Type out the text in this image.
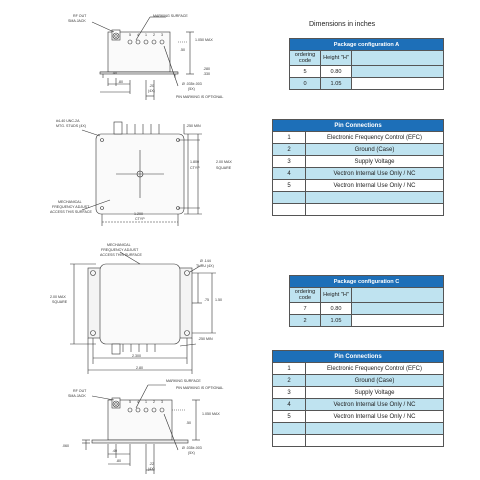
Dimensions in inches
Package configuration A		
ordering code	Height "H"	
5	0.80	
0	1.05	
Pin Connections	
1	Electronic Frequency Control (EFC)
2	Ground (Case)
3	Supply Voltage
4	Vectron Internal Use Only / NC
5	Vectron Internal Use Only / NC

Package configuration C		
ordering code	Height "H"	
7	0.80	
2	1.05	
Pin Connections	
1	Electronic Frequency Control (EFC)
2	Ground (Case)
3	Supply Voltage
4	Vectron Internal Use Only / NC
5	Vectron Internal Use Only / NC

RF OUT
SMA JACK
MARKING SURFACE
5 4 1 2 3
1.050 MAX
.50
.280
.330
.40
.80	Ø .035±.003
(5X)
.20
(4X)
PIN MARKING IS OPTIONAL
#4-40 UNC-2A
MTG. STUDS (4X)	.250 MIN
1.800
CTYP
2.00 MAX
SQUARE
MECHANICAL
FREQUENCY ADJUST
ACCESS THIS SURFACE	1.200
CTYP
MECHANICAL
FREQUENCY ADJUST
ACCESS THIS SURFACE
Ø .144
THRU (4X)
2.00 MAX
SQUARE	.75 1.50
.250 MIN
2.300
2.80
RF OUT
SMA JACK
MARKING SURFACE
PIN MARKING IS OPTIONAL
5 4 1 2 3
1.050 MAX
.50
.060
.40
Ø .035±.003
(5X)
.80
.22
(4X)
